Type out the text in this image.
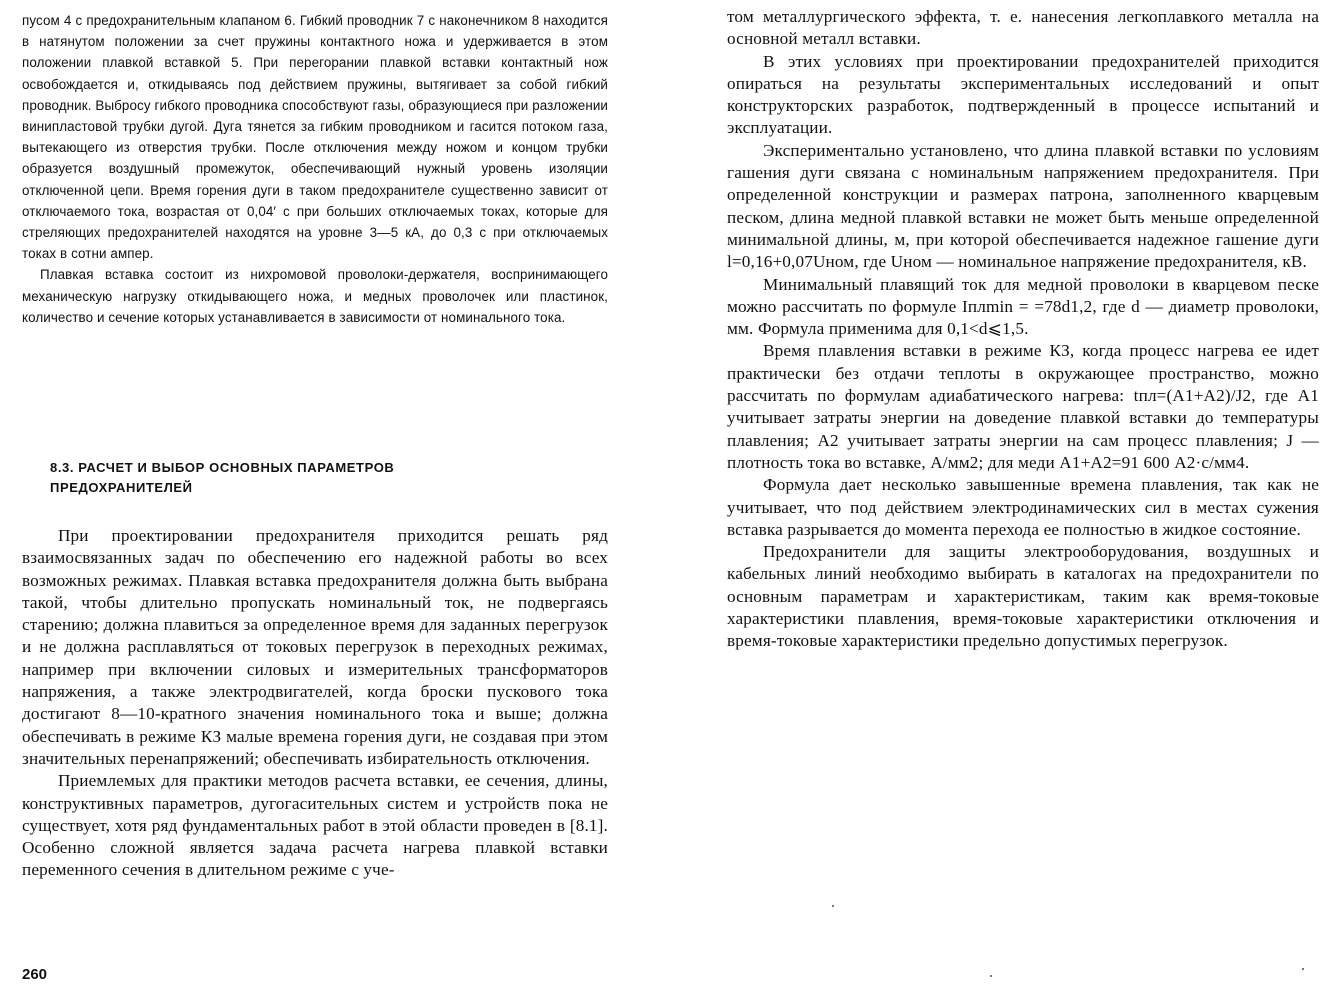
пусом 4 с предохранительным клапаном 6. Гибкий проводник 7 с наконечником 8 находится в натянутом положении за счет пружины контактного ножа и удерживается в этом положении плавкой вставкой 5. При перегорании плавкой вставки контактный нож освобождается и, откидываясь под действием пружины, вытягивает за собой гибкий проводник. Выбросу гибкого проводника способствуют газы, образующиеся при разложении винипластовой трубки дугой. Дуга тянется за гибким проводником и гасится потоком газа, вытекающего из отверстия трубки. После отключения между ножом и концом трубки образуется воздушный промежуток, обеспечивающий нужный уровень изоляции отключенной цепи. Время горения дуги в таком предохранителе существенно зависит от отключаемого тока, возрастая от 0,04′ с при больших отключаемых токах, которые для стреляющих предохранителей находятся на уровне 3—5 кА, до 0,3 с при отключаемых токах в сотни ампер.

Плавкая вставка состоит из нихромовой проволоки-держателя, воспринимающего механическую нагрузку откидывающего ножа, и медных проволочек или пластинок, количество и сечение которых устанавливается в зависимости от номинального тока.

8.3. РАСЧЕТ И ВЫБОР ОСНОВНЫХ ПАРАМЕТРОВ
ПРЕДОХРАНИТЕЛЕЙ

При проектировании предохранителя приходится решать ряд взаимосвязанных задач по обеспечению его надежной работы во всех возможных режимах. Плавкая вставка предохранителя должна быть выбрана такой, чтобы длительно пропускать номинальный ток, не подвергаясь старению; должна плавиться за определенное время для заданных перегрузок и не должна расплавляться от токовых перегрузок в переходных режимах, например при включении силовых и измерительных трансформаторов напряжения, а также электродвигателей, когда броски пускового тока достигают 8—10-кратного значения номинального тока и выше; должна обеспечивать в режиме КЗ малые времена горения дуги, не создавая при этом значительных перенапряжений; обеспечивать избирательность отключения.

Приемлемых для практики методов расчета вставки, ее сечения, длины, конструктивных параметров, дугогасительных систем и устройств пока не существует, хотя ряд фундаментальных работ в этой области проведен в [8.1]. Особенно сложной является задача расчета нагрева плавкой вставки переменного сечения в длительном режиме с уче-

260

том металлургического эффекта, т. е. нанесения легкоплавкого металла на основной металл вставки.

В этих условиях при проектировании предохранителей приходится опираться на результаты экспериментальных исследований и опыт конструкторских разработок, подтвержденный в процессе испытаний и эксплуатации.

Экспериментально установлено, что длина плавкой вставки по условиям гашения дуги связана с номинальным напряжением предохранителя. При определенной конструкции и размерах патрона, заполненного кварцевым песком, длина медной плавкой вставки не может быть меньше определенной минимальной длины, м, при которой обеспечивается надежное гашение дуги l=0,16+0,07Uном, где Uном — номинальное напряжение предохранителя, кВ.

Минимальный плавящий ток для медной проволоки в кварцевом песке можно рассчитать по формуле Iплmin = =78d1,2, где d — диаметр проволоки, мм. Формула применима для 0,1<d⩽1,5.

Время плавления вставки в режиме КЗ, когда процесс нагрева ее идет практически без отдачи теплоты в окружающее пространство, можно рассчитать по формулам адиабатического нагрева: tпл=(A1+A2)/J2, где A1 учитывает затраты энергии на доведение плавкой вставки до температуры плавления; A2 учитывает затраты энергии на сам процесс плавления; J — плотность тока во вставке, А/мм2; для меди A1+A2=91 600 А2·с/мм4.

Формула дает несколько завышенные времена плавления, так как не учитывает, что под действием электродинамических сил в местах сужения вставка разрывается до момента перехода ее полностью в жидкое состояние.

Предохранители для защиты электрооборудования, воздушных и кабельных линий необходимо выбирать в каталогах на предохранители по основным параметрам и характеристикам, таким как время-токовые характеристики плавления, время-токовые характеристики отключения и время-токовые характеристики предельно допустимых перегрузок.
